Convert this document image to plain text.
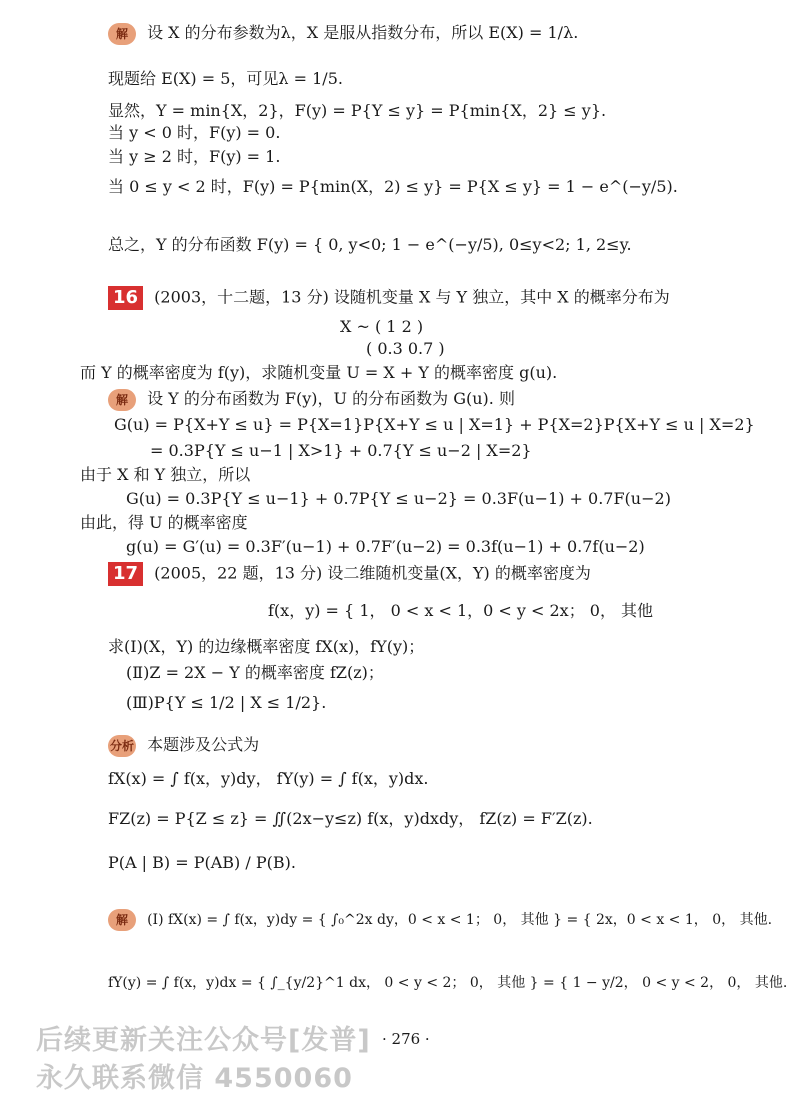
解 设 X 的分布参数为λ，X 是服从指数分布，所以 E(X) = 1/λ.
现题给 E(X) = 5，可见λ = 1/5.
显然，Y = min{X，2}，F(y) = P{Y ≤ y} = P{min{X，2} ≤ y}.
当 y < 0 时，F(y) = 0.
当 y ≥ 2 时，F(y) = 1.
当 0 ≤ y < 2 时，F(y) = P{min(X，2) ≤ y} = P{X ≤ y} = 1 − e^(−y/5).
总之，Y 的分布函数 F(y) = { 0, y<0; 1 − e^(−y/5), 0≤y<2; 1, 2≤y.
16 (2003，十二题，13 分) 设随机变量 X 与 Y 独立，其中 X 的概率分布为
X ~ ( 1 2 )
( 0.3 0.7 )
而 Y 的概率密度为 f(y)，求随机变量 U = X + Y 的概率密度 g(u).
解 设 Y 的分布函数为 F(y)，U 的分布函数为 G(u). 则
G(u) = P{X+Y ≤ u} = P{X=1}P{X+Y ≤ u | X=1} + P{X=2}P{X+Y ≤ u | X=2}
= 0.3P{Y ≤ u−1 | X>1} + 0.7{Y ≤ u−2 | X=2}
由于 X 和 Y 独立，所以
G(u) = 0.3P{Y ≤ u−1} + 0.7P{Y ≤ u−2} = 0.3F(u−1) + 0.7F(u−2)
由此，得 U 的概率密度
g(u) = G′(u) = 0.3F′(u−1) + 0.7F′(u−2) = 0.3f(u−1) + 0.7f(u−2)
17 (2005，22 题，13 分) 设二维随机变量(X，Y) 的概率密度为
f(x，y) = { 1， 0 < x < 1，0 < y < 2x； 0， 其他
求(Ⅰ)(X，Y) 的边缘概率密度 fX(x)，fY(y)；
(Ⅱ)Z = 2X − Y 的概率密度 fZ(z)；
(Ⅲ)P{Y ≤ 1/2 | X ≤ 1/2}.
分析 本题涉及公式为
fX(x) = ∫ f(x，y)dy， fY(y) = ∫ f(x，y)dx.
FZ(z) = P{Z ≤ z} = ∬(2x−y≤z) f(x，y)dxdy， fZ(z) = F′Z(z).
P(A | B) = P(AB) / P(B).
解 (Ⅰ) fX(x) = ∫ f(x，y)dy = { ∫₀^2x dy，0 < x < 1； 0， 其他 } = { 2x，0 < x < 1， 0， 其他.
fY(y) = ∫ f(x，y)dx = { ∫_{y/2}^1 dx， 0 < y < 2； 0， 其他 } = { 1 − y/2， 0 < y < 2， 0， 其他.
· 276 ·
后续更新关注公众号[发普]
永久联系微信 4550060
